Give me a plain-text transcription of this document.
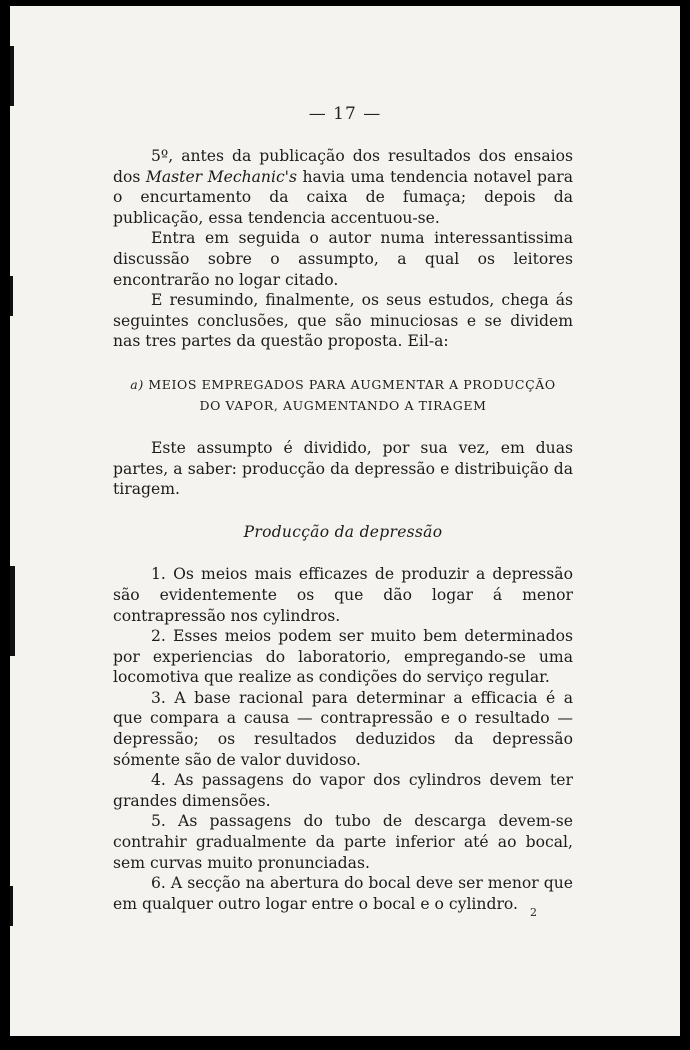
— 17 —

5º, antes da publicação dos resultados dos ensaios dos Master Mechanic's havia uma tendencia notavel para o encurtamento da caixa de fumaça; depois da publicação, essa tendencia accentuou-se.

Entra em seguida o autor numa interessantissima discussão sobre o assumpto, a qual os leitores encontrarão no logar citado.

E resumindo, finalmente, os seus estudos, chega ás seguintes conclusões, que são minuciosas e se dividem nas tres partes da questão proposta. Eil-a:

a) MEIOS EMPREGADOS PARA AUGMENTAR A PRODUCÇÃO
DO VAPOR, AUGMENTANDO A TIRAGEM

Este assumpto é dividido, por sua vez, em duas partes, a saber: producção da depressão e distribuição da tiragem.

Producção da depressão

1. Os meios mais efficazes de produzir a depressão são evidentemente os que dão logar á menor contrapressão nos cylindros.

2. Esses meios podem ser muito bem determinados por experiencias do laboratorio, empregando-se uma locomotiva que realize as condições do serviço regular.

3. A base racional para determinar a efficacia é a que compara a causa — contrapressão e o resultado — depressão; os resultados deduzidos da depressão sómente são de valor duvidoso.

4. As passagens do vapor dos cylindros devem ter grandes dimensões.

5. As passagens do tubo de descarga devem-se contrahir gradualmente da parte inferior até ao bocal, sem curvas muito pronunciadas.

6. A secção na abertura do bocal deve ser menor que em qualquer outro logar entre o bocal e o cylindro.	2
